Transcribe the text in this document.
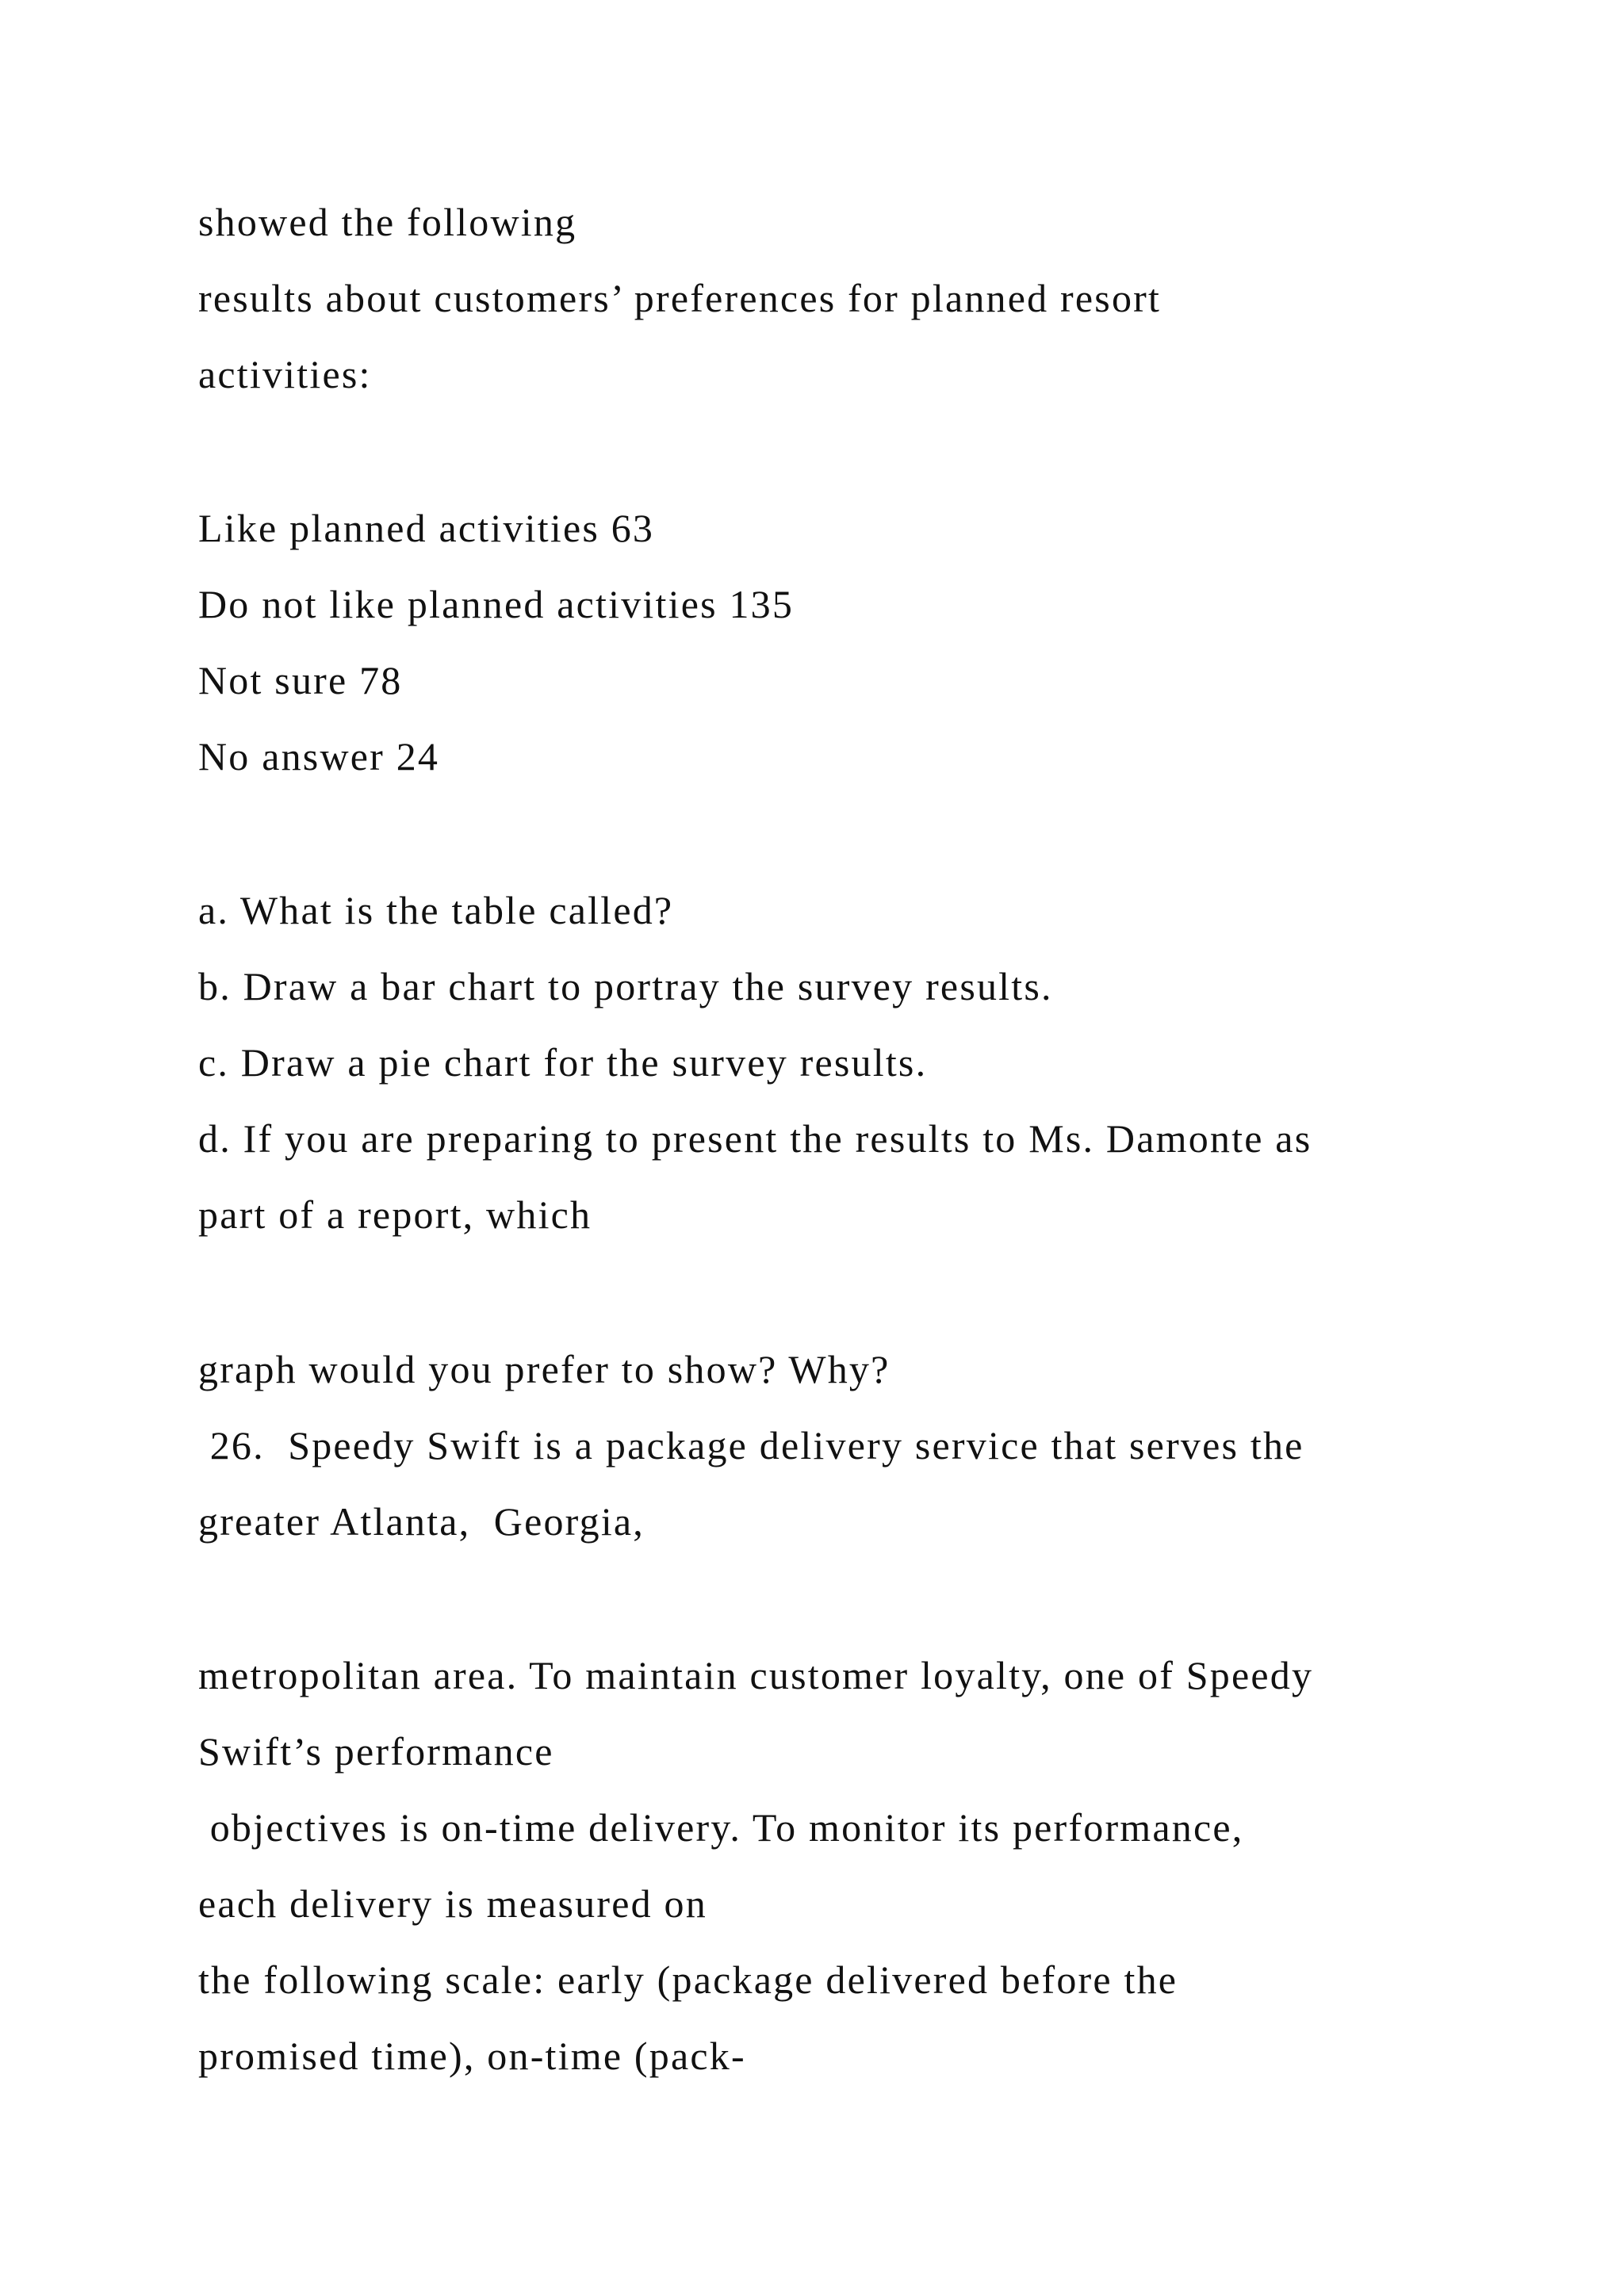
showed the following
results about customers’ preferences for planned resort
activities:
Like planned activities 63
Do not like planned activities 135
Not sure 78
No answer 24
a. What is the table called?
b. Draw a bar chart to portray the survey results.
c. Draw a pie chart for the survey results.
d. If you are preparing to present the results to Ms. Damonte as
part of a report, which
graph would you prefer to show? Why?
26.  Speedy Swift is a package delivery service that serves the
greater Atlanta,  Georgia,
metropolitan area. To maintain customer loyalty, one of Speedy
Swift’s performance
objectives is on-time delivery. To monitor its performance,
each delivery is measured on
the following scale: early (package delivered before the
promised time), on-time (pack-
